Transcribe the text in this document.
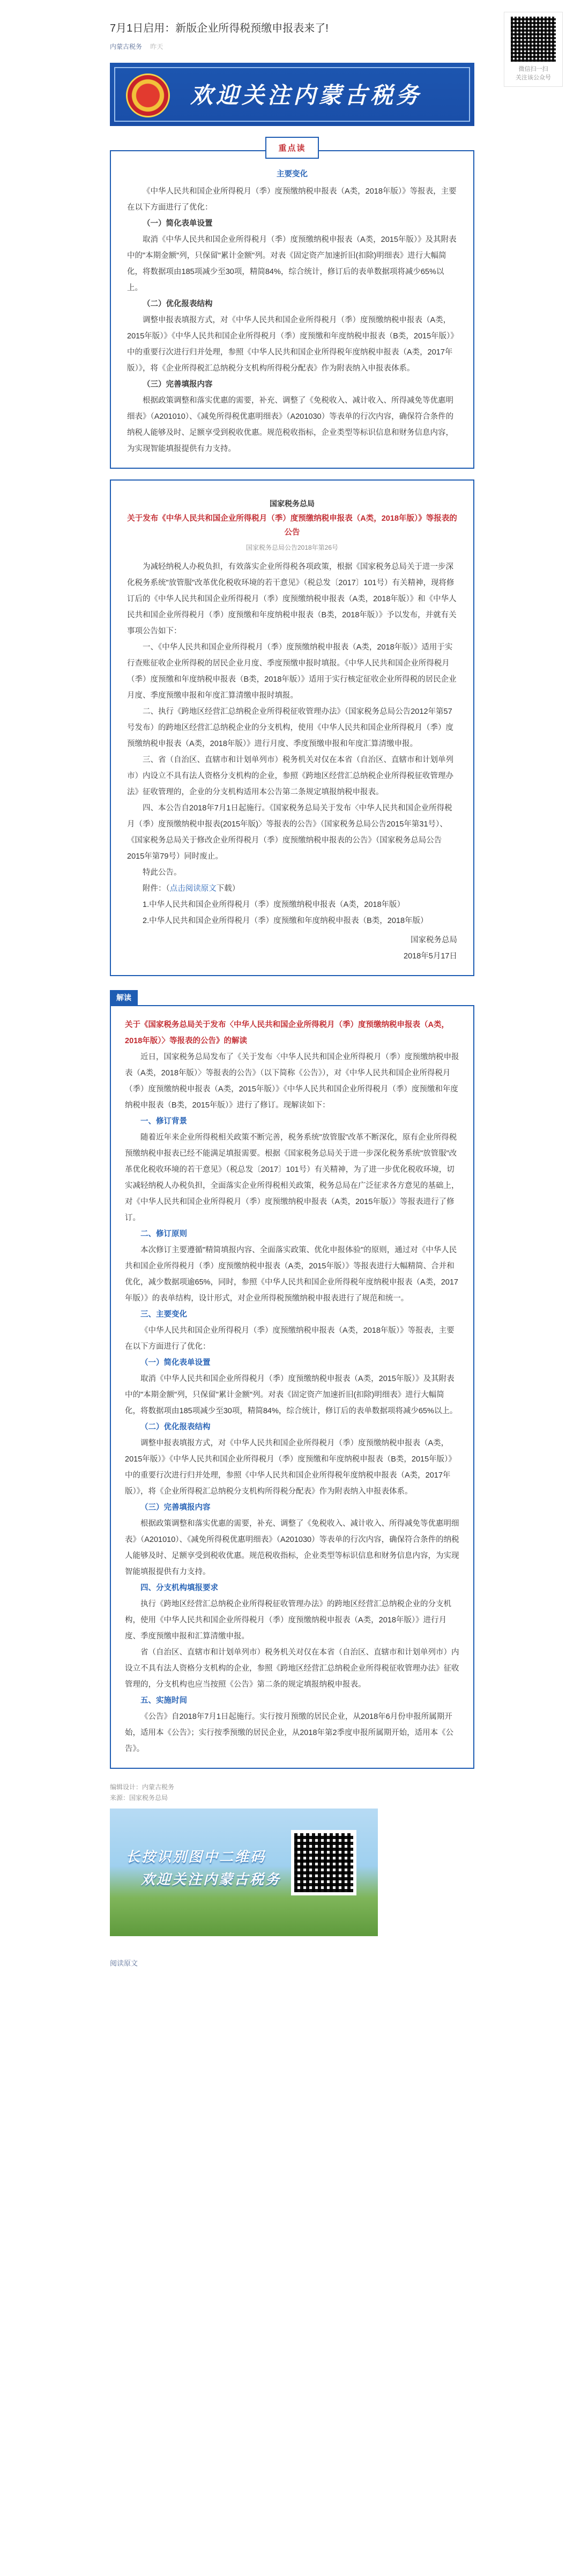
7月1日启用：新版企业所得税预缴申报表来了!
内蒙古税务 昨天
欢迎关注内蒙古税务
重点读

主要变化

《中华人民共和国企业所得税月（季）度预缴纳税申报表（A类，2018年版）》等报表，主要在以下方面进行了优化：

（一）简化表单设置

取消《中华人民共和国企业所得税月（季）度预缴纳税申报表（A类，2015年版）》及其附表中的"本期金额"列，只保留"累计金额"列。对表《固定资产加速折旧(扣除)明细表》进行大幅简化，将数据项由185项减少至30项，精简84%，综合统计，修订后的表单数据项将减少65%以上。

（二）优化报表结构

调整申报表填报方式，对《中华人民共和国企业所得税月（季）度预缴纳税申报表（A类，2015年版）》《中华人民共和国企业所得税月（季）度预缴和年度纳税申报表（B类，2015年版）》中的重要行次进行归并处理，参照《中华人民共和国企业所得税年度纳税申报表（A类，2017年版）》，将《企业所得税汇总纳税分支机构所得税分配表》作为附表纳入申报表体系。

（三）完善填报内容

根据政策调整和落实优惠的需要，补充、调整了《免税收入、减计收入、所得减免等优惠明细表》（A201010）、《减免所得税优惠明细表》（A201030）等表单的行次内容，确保符合条件的纳税人能够及时、足额享受到税收优惠。规范税收指标，企业类型等标识信息和财务信息内容，为实现智能填报提供有力支持。

国家税务总局

关于发布《中华人民共和国企业所得税月（季）度预缴纳税申报表（A类，2018年版）》等报表的公告

国家税务总局公告2018年第26号

为减轻纳税人办税负担，有效落实企业所得税各项政策，根据《国家税务总局关于进一步深化税务系统"放管服"改革优化税收环境的若干意见》（税总发〔2017〕101号）有关精神，现将修订后的《中华人民共和国企业所得税月（季）度预缴纳税申报表（A类，2018年版）》和《中华人民共和国企业所得税月（季）度预缴和年度纳税申报表（B类，2018年版）》予以发布，并就有关事项公告如下：

一、《中华人民共和国企业所得税月（季）度预缴纳税申报表（A类，2018年版）》适用于实行查账征收企业所得税的居民企业月度、季度预缴申报时填报。《中华人民共和国企业所得税月（季）度预缴和年度纳税申报表（B类，2018年版）》适用于实行核定征收企业所得税的居民企业月度、季度预缴申报和年度汇算清缴申报时填报。

二、执行《跨地区经营汇总纳税企业所得税征收管理办法》（国家税务总局公告2012年第57号发布）的跨地区经营汇总纳税企业的分支机构，使用《中华人民共和国企业所得税月（季）度预缴纳税申报表（A类，2018年版）》进行月度、季度预缴申报和年度汇算清缴申报。

三、省（自治区、直辖市和计划单列市）税务机关对仅在本省（自治区、直辖市和计划单列市）内设立不具有法人资格分支机构的企业，参照《跨地区经营汇总纳税企业所得税征收管理办法》征收管理的，企业的分支机构适用本公告第二条规定填报纳税申报表。

四、本公告自2018年7月1日起施行。《国家税务总局关于发布〈中华人民共和国企业所得税月（季）度预缴纳税申报表(2015年版)〉等报表的公告》（国家税务总局公告2015年第31号）、《国家税务总局关于修改企业所得税月（季）度预缴纳税申报表的公告》（国家税务总局公告2015年第79号）同时废止。

特此公告。

附件：（点击阅读原文下载）

1.中华人民共和国企业所得税月（季）度预缴纳税申报表（A类，2018年版）

2.中华人民共和国企业所得税月（季）度预缴和年度纳税申报表（B类，2018年版）

国家税务总局

2018年5月17日

解读

关于《国家税务总局关于发布〈中华人民共和国企业所得税月（季）度预缴纳税申报表（A类，2018年版）〉等报表的公告》的解读

近日，国家税务总局发布了《关于发布〈中华人民共和国企业所得税月（季）度预缴纳税申报表（A类，2018年版）〉等报表的公告》（以下简称《公告》），对《中华人民共和国企业所得税月（季）度预缴纳税申报表（A类，2015年版）》《中华人民共和国企业所得税月（季）度预缴和年度纳税申报表（B类，2015年版）》进行了修订。现解读如下：

一、修订背景

随着近年来企业所得税相关政策不断完善，税务系统"放管服"改革不断深化，原有企业所得税预缴纳税申报表已经不能满足填报需要。根据《国家税务总局关于进一步深化税务系统"放管服"改革优化税收环境的若干意见》（税总发〔2017〕101号）有关精神，为了进一步优化税收环境，切实减轻纳税人办税负担，全面落实企业所得税相关政策，税务总局在广泛征求各方意见的基础上，对《中华人民共和国企业所得税月（季）度预缴纳税申报表（A类，2015年版）》等报表进行了修订。

二、修订原则

本次修订主要遵循"精简填报内容、全面落实政策、优化申报体验"的原则，通过对《中华人民共和国企业所得税月（季）度预缴纳税申报表（A类，2015年版）》等报表进行大幅精简、合并和优化，减少数据项逾65%，同时，参照《中华人民共和国企业所得税年度纳税申报表（A类，2017年版）》的表单结构，设计形式，对企业所得税预缴纳税申报表进行了规范和统一。

三、主要变化

《中华人民共和国企业所得税月（季）度预缴纳税申报表（A类，2018年版）》等报表，主要在以下方面进行了优化：

（一）简化表单设置

取消《中华人民共和国企业所得税月（季）度预缴纳税申报表（A类，2015年版）》及其附表中的"本期金额"列，只保留"累计金额"列。对表《固定资产加速折旧(扣除)明细表》进行大幅简化，将数据项由185项减少至30项，精简84%，综合统计，修订后的表单数据项将减少65%以上。

（二）优化报表结构

调整申报表填报方式，对《中华人民共和国企业所得税月（季）度预缴纳税申报表（A类，2015年版）》《中华人民共和国企业所得税月（季）度预缴和年度纳税申报表（B类，2015年版）》中的重要行次进行归并处理，参照《中华人民共和国企业所得税年度纳税申报表（A类，2017年版）》，将《企业所得税汇总纳税分支机构所得税分配表》作为附表纳入申报表体系。

（三）完善填报内容

根据政策调整和落实优惠的需要，补充、调整了《免税收入、减计收入、所得减免等优惠明细表》（A201010）、《减免所得税优惠明细表》（A201030）等表单的行次内容，确保符合条件的纳税人能够及时、足额享受到税收优惠。规范税收指标，企业类型等标识信息和财务信息内容，为实现智能填报提供有力支持。

四、分支机构填报要求

执行《跨地区经营汇总纳税企业所得税征收管理办法》的跨地区经营汇总纳税企业的分支机构，使用《中华人民共和国企业所得税月（季）度预缴纳税申报表（A类，2018年版）》进行月度、季度预缴申报和汇算清缴申报。

省（自治区、直辖市和计划单列市）税务机关对仅在本省（自治区、直辖市和计划单列市）内设立不具有法人资格分支机构的企业，参照《跨地区经营汇总纳税企业所得税征收管理办法》征收管理的，分支机构也应当按照《公告》第二条的规定填报纳税申报表。

五、实施时间

《公告》自2018年7月1日起施行。实行按月预缴的居民企业，从2018年6月份申报所属期开始，适用本《公告》；实行按季预缴的居民企业，从2018年第2季度申报所属期开始，适用本《公告》。

编辑设计：内蒙古税务
来源：国家税务总局
长按识别图中二维码
欢迎关注内蒙古税务
阅读原文
微信扫一扫
关注该公众号
